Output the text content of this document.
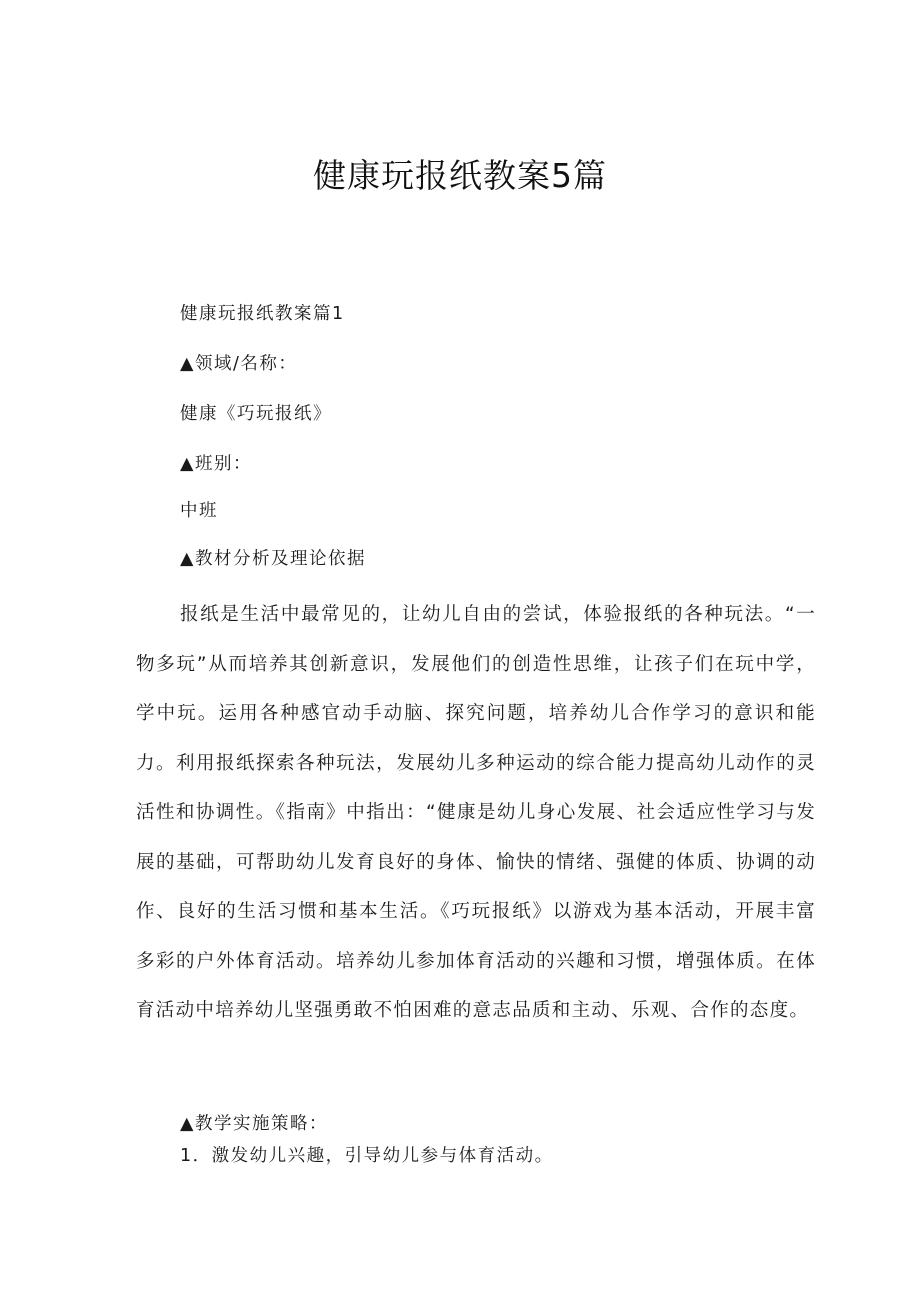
健康玩报纸教案5篇

健康玩报纸教案篇1

▲领域/名称：

健康《巧玩报纸》

▲班别：

中班

▲教材分析及理论依据

报纸是生活中最常见的，让幼儿自由的尝试，体验报纸的各种玩法。“一物多玩”从而培养其创新意识，发展他们的创造性思维，让孩子们在玩中学，学中玩。运用各种感官动手动脑、探究问题，培养幼儿合作学习的意识和能力。利用报纸探索各种玩法，发展幼儿多种运动的综合能力提高幼儿动作的灵活性和协调性。《指南》中指出：“健康是幼儿身心发展、社会适应性学习与发展的基础，可帮助幼儿发育良好的身体、愉快的情绪、强健的体质、协调的动作、良好的生活习惯和基本生活。《巧玩报纸》以游戏为基本活动，开展丰富多彩的户外体育活动。培养幼儿参加体育活动的兴趣和习惯，增强体质。在体育活动中培养幼儿坚强勇敢不怕困难的意志品质和主动、乐观、合作的态度。

▲教学实施策略：

1．激发幼儿兴趣，引导幼儿参与体育活动。
